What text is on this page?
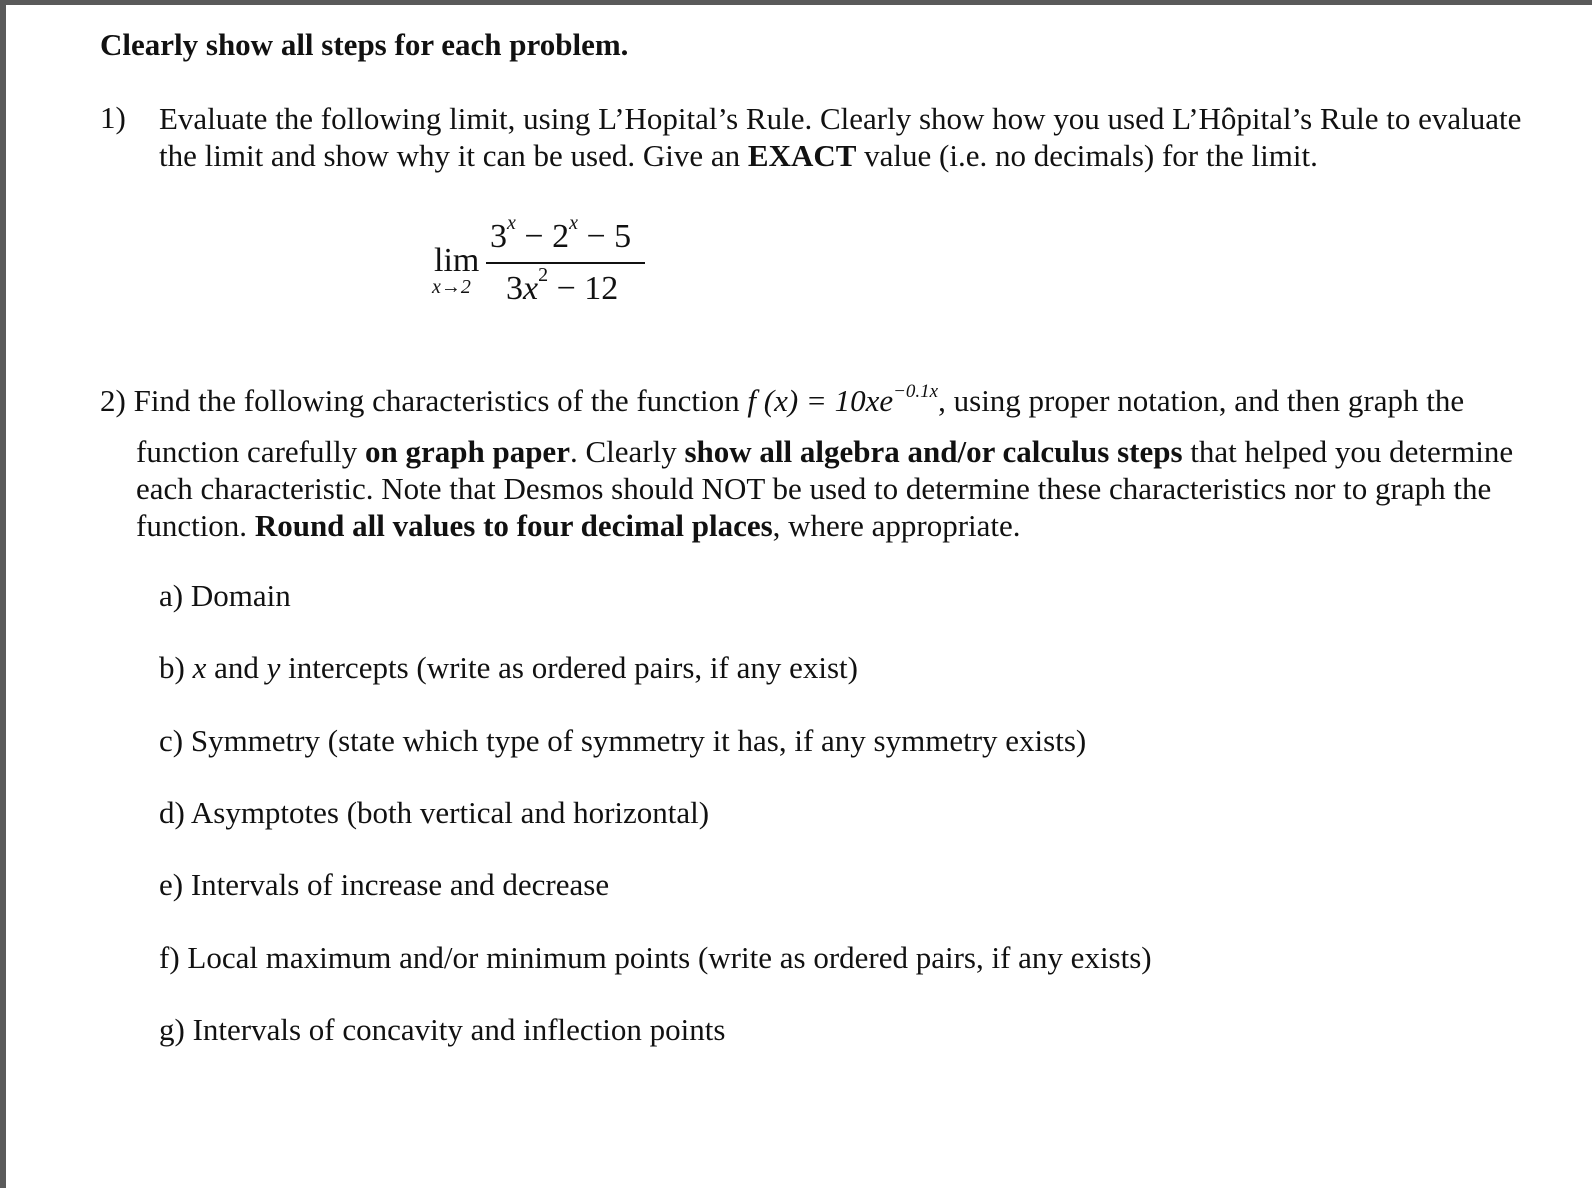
Clearly show all steps for each problem.
1) Evaluate the following limit, using L’Hopital’s Rule. Clearly show how you used L’Hôpital’s Rule to evaluate the limit and show why it can be used. Give an EXACT value (i.e. no decimals) for the limit.
lim
x→2
$3^x - 2^x - 5$
$3x^2 - 12$
2) Find the following characteristics of the function f $(x) = 10xe^{-0.1x}$, using proper notation, and then graph the
function carefully on graph paper. Clearly show all algebra and/or calculus steps that helped you determine each characteristic. Note that Desmos should NOT be used to determine these characteristics nor to graph the function. Round all values to four decimal places, where appropriate.
a) Domain
b) x and y intercepts (write as ordered pairs, if any exist)
c) Symmetry (state which type of symmetry it has, if any symmetry exists)
d) Asymptotes (both vertical and horizontal)
e) Intervals of increase and decrease
f) Local maximum and/or minimum points (write as ordered pairs, if any exists)
g) Intervals of concavity and inflection points
